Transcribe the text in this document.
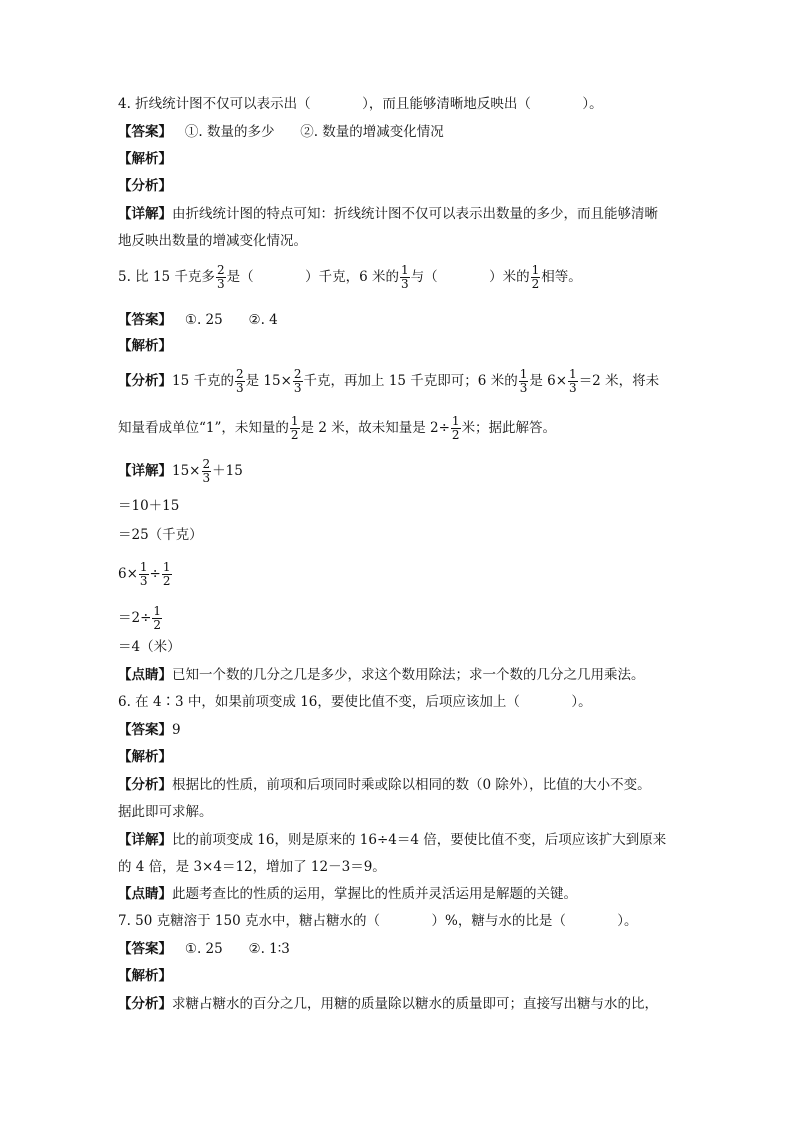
4. 折线统计图不仅可以表示出（            ），而且能够清晰地反映出（            ）。
【答案】   ①. 数量的多少      ②. 数量的增减变化情况
【解析】
【分析】
【详解】由折线统计图的特点可知：折线统计图不仅可以表示出数量的多少，而且能够清晰
地反映出数量的增减变化情况。
5. 比 15 千克多 $\frac{2}{3}$ 是（            ）千克，6 米的 $\frac{1}{3}$ 与（            ）米的 $\frac{1}{2}$ 相等。
【答案】   ①. 25      ②. 4
【解析】
【分析】15 千克的 $\frac{2}{3}$ 是 $15\times \frac{2}{3}$ 千克，再加上 15 千克即可；6 米的 $\frac{1}{3}$ 是 $6\times \frac{1}{3} =2$ 米，将未
知量看成单位“1”，未知量的 $\frac{1}{2}$ 是 2 米，故未知量是 $2\div \frac{1}{2}$ 米；据此解答。
【详解】$15\times \frac{2}{3} +15$
＝10＋15
＝25（千克）
$6\times \frac{1}{3} \div \frac{1}{2}$
$=2\div \frac{1}{2}$
＝4（米）
【点睛】已知一个数的几分之几是多少，求这个数用除法；求一个数的几分之几用乘法。
6. 在 4∶3 中，如果前项变成 16，要使比值不变，后项应该加上（            ）。
【答案】9
【解析】
【分析】根据比的性质，前项和后项同时乘或除以相同的数（0 除外），比值的大小不变。
据此即可求解。
【详解】比的前项变成 16，则是原来的 16÷4＝4 倍，要使比值不变，后项应该扩大到原来
的 4 倍，是 3×4＝12，增加了 12－3＝9。
【点睛】此题考查比的性质的运用，掌握比的性质并灵活运用是解题的关键。
7. 50 克糖溶于 150 克水中，糖占糖水的（            ）%，糖与水的比是（            ）。
【答案】   ①. 25      ②. 1∶3
【解析】
【分析】求糖占糖水的百分之几，用糖的质量除以糖水的质量即可；直接写出糖与水的比，
